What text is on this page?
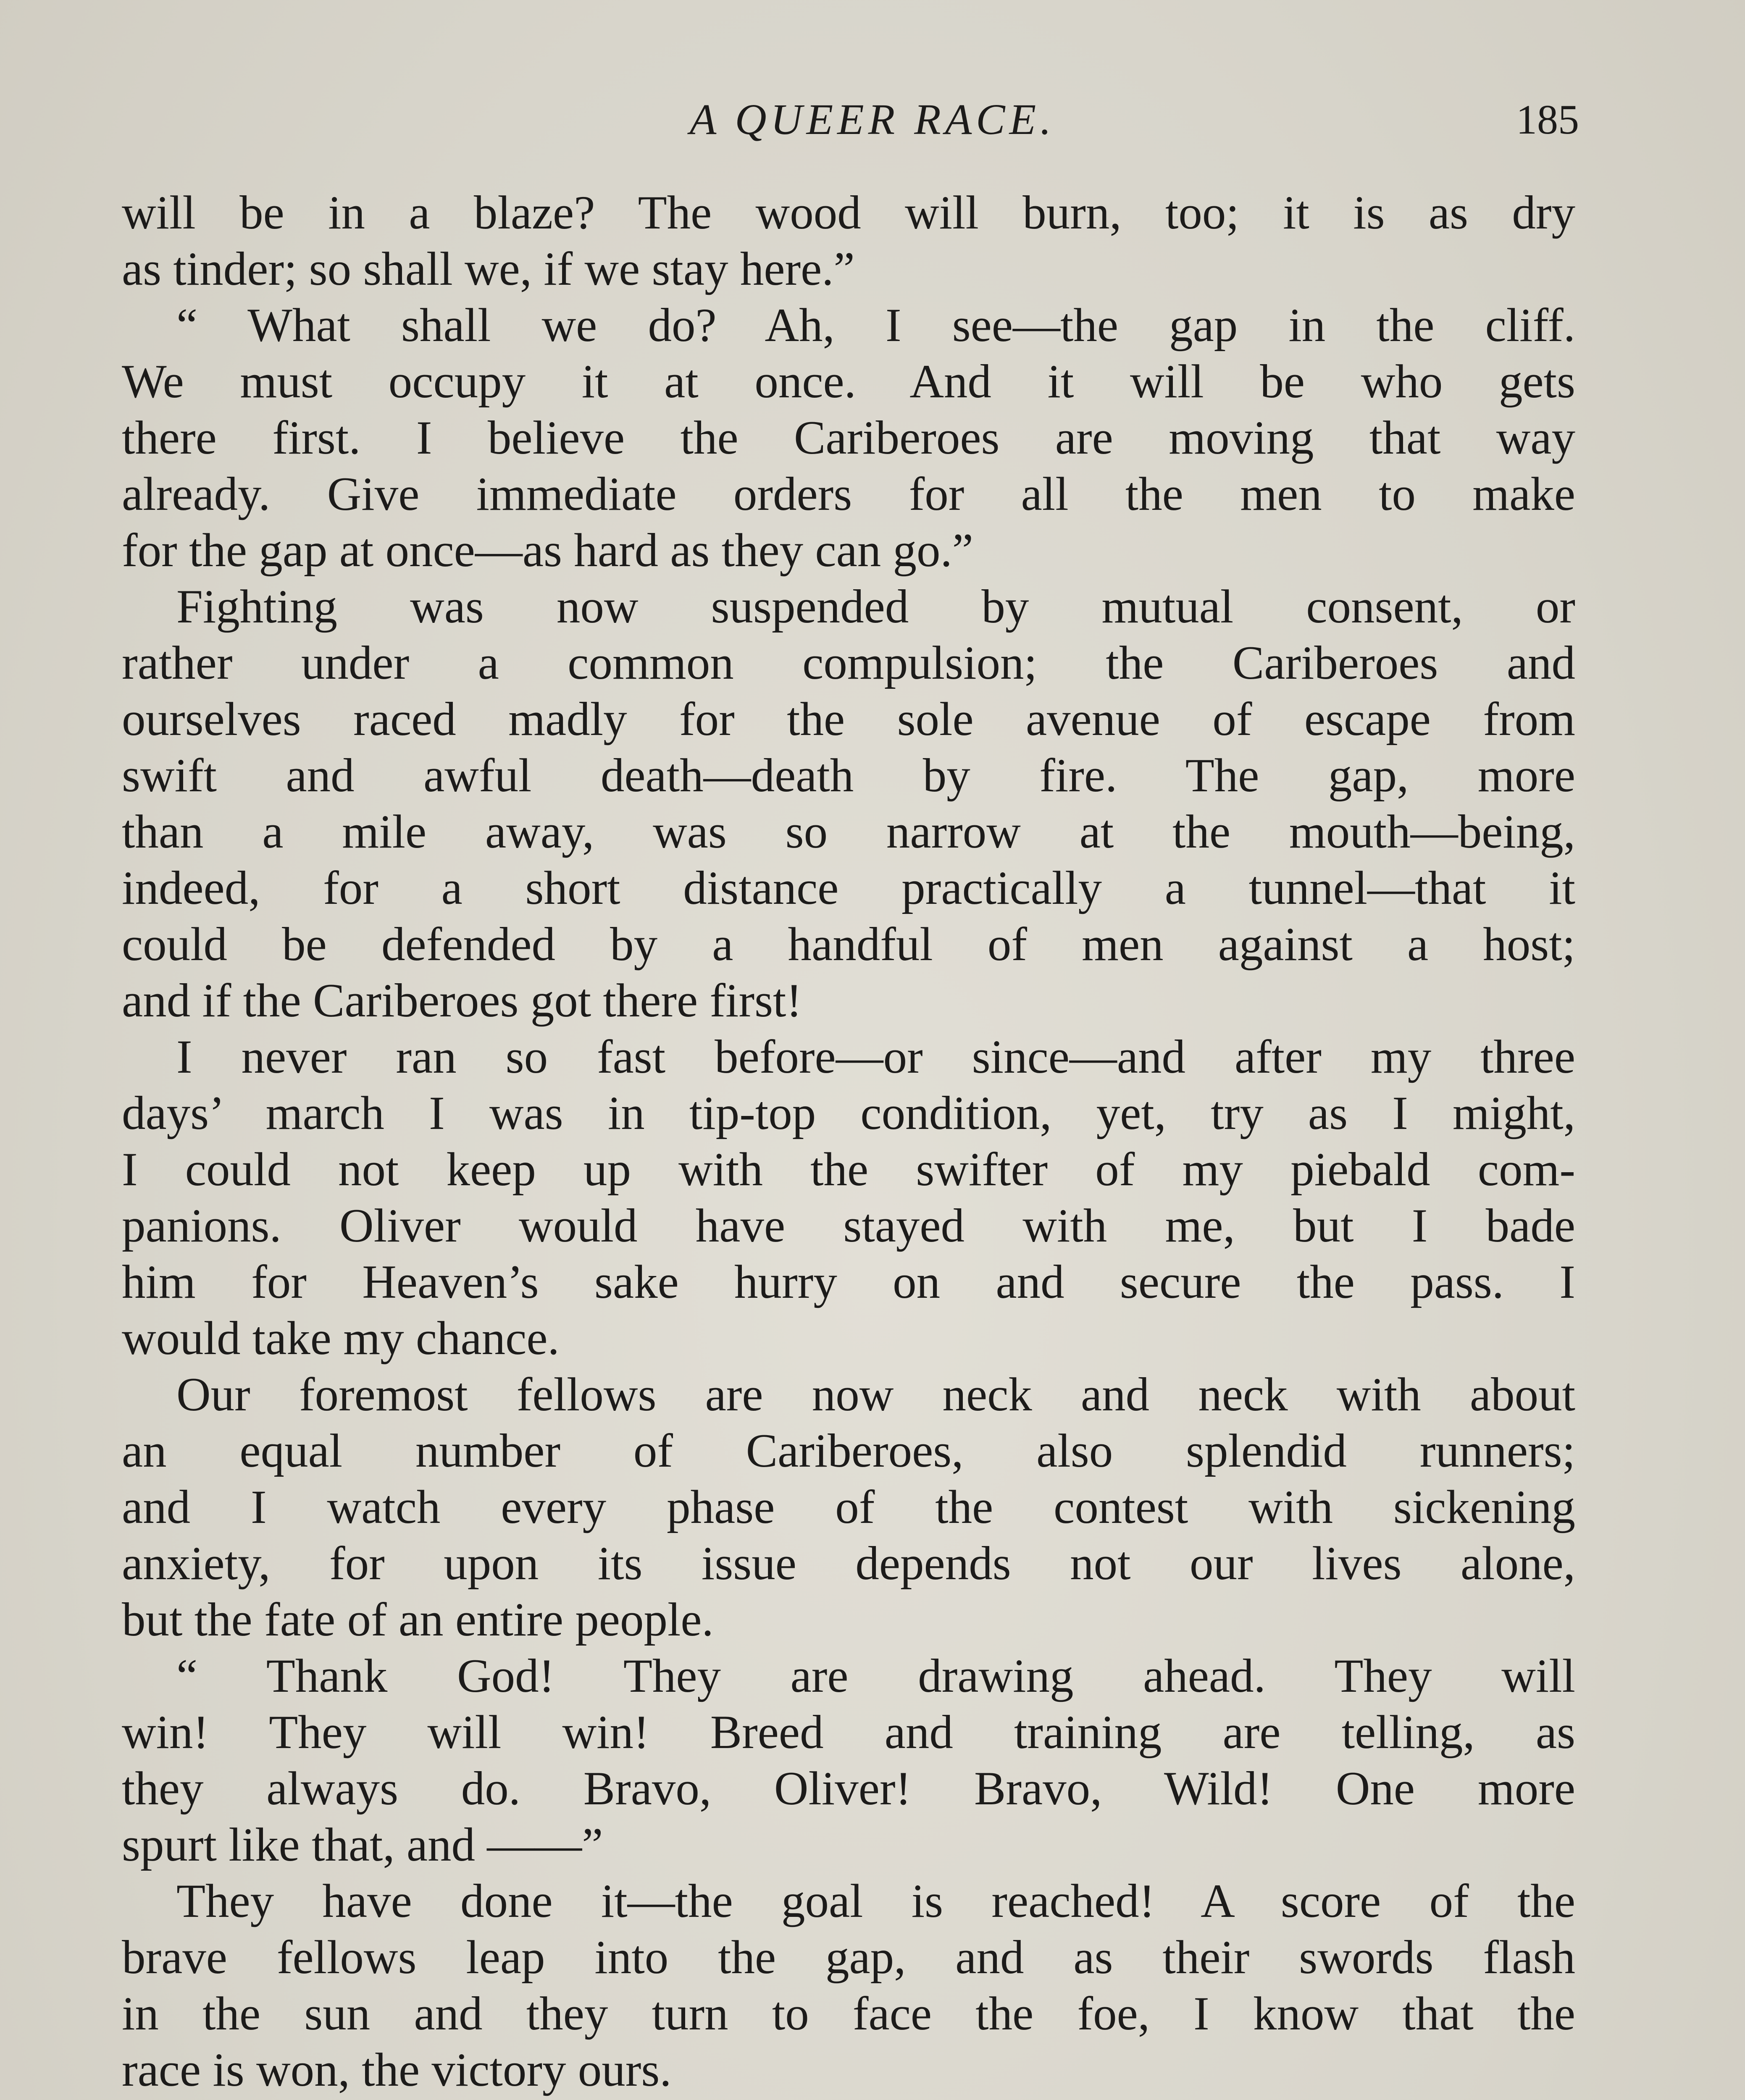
A QUEER RACE.	185
will be in a blaze? The wood will burn, too; it is as dry
as tinder; so shall we, if we stay here.”
“ What shall we do? Ah, I see—the gap in the cliff.
We must occupy it at once. And it will be who gets
there first. I believe the Cariberoes are moving that way
already. Give immediate orders for all the men to make
for the gap at once—as hard as they can go.”
Fighting was now suspended by mutual consent, or
rather under a common compulsion; the Cariberoes and
ourselves raced madly for the sole avenue of escape from
swift and awful death—death by fire. The gap, more
than a mile away, was so narrow at the mouth—being,
indeed, for a short distance practically a tunnel—that it
could be defended by a handful of men against a host;
and if the Cariberoes got there first!
I never ran so fast before—or since—and after my three
days’ march I was in tip-top condition, yet, try as I might,
I could not keep up with the swifter of my piebald com-
panions. Oliver would have stayed with me, but I bade
him for Heaven’s sake hurry on and secure the pass. I
would take my chance.
Our foremost fellows are now neck and neck with about
an equal number of Cariberoes, also splendid runners;
and I watch every phase of the contest with sickening
anxiety, for upon its issue depends not our lives alone,
but the fate of an entire people.
“ Thank God! They are drawing ahead. They will
win! They will win! Breed and training are telling, as
they always do. Bravo, Oliver! Bravo, Wild! One more
spurt like that, and ——”
They have done it—the goal is reached! A score of the
brave fellows leap into the gap, and as their swords flash
in the sun and they turn to face the foe, I know that the
race is won, the victory ours.
